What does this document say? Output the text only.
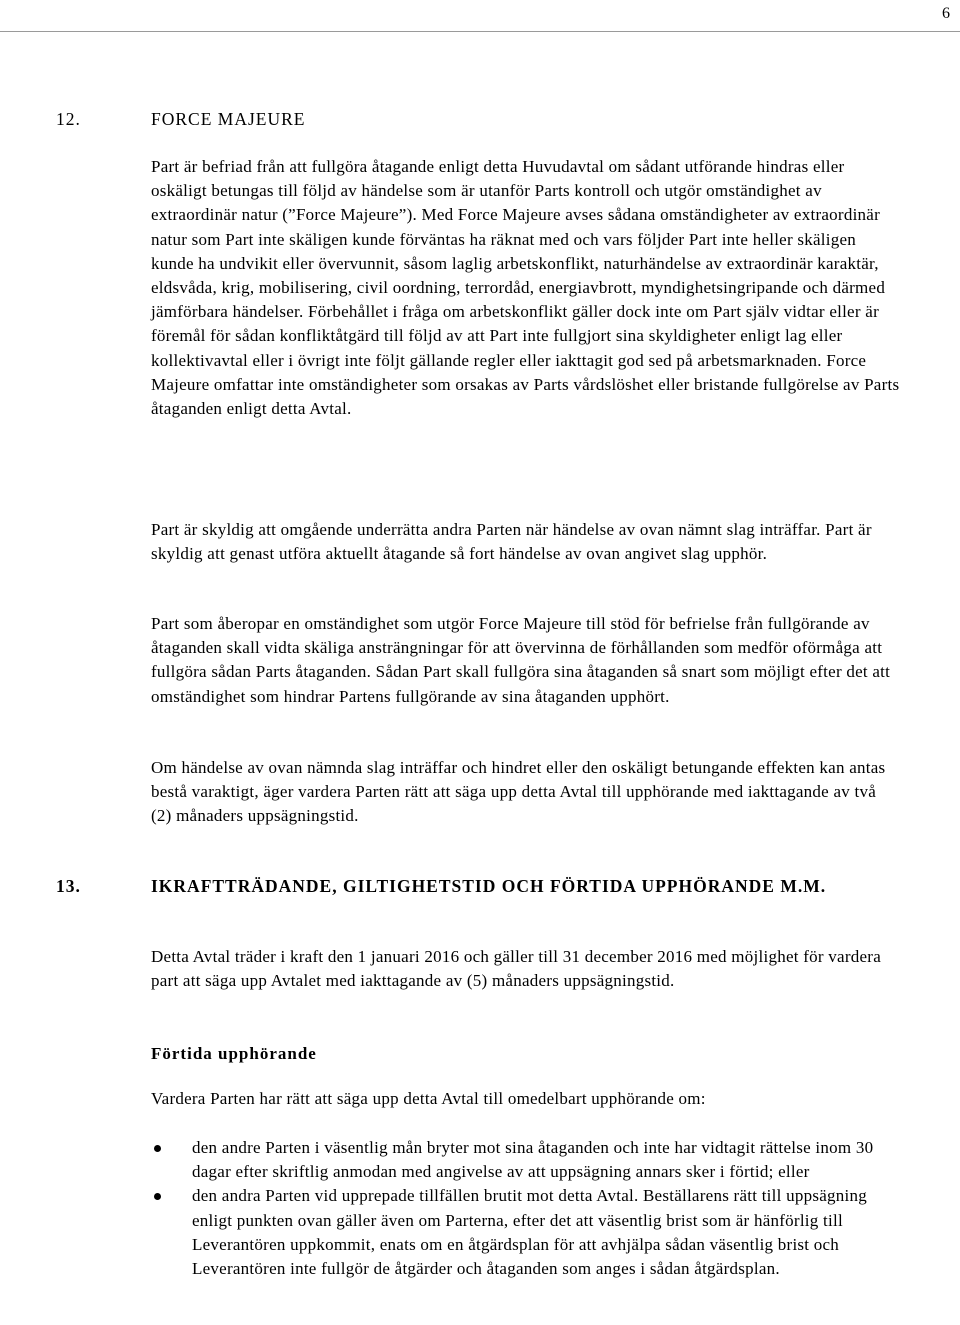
6
12.	FORCE MAJEURE

Part är befriad från att fullgöra åtagande enligt detta Huvudavtal om sådant utförande hindras eller oskäligt betungas till följd av händelse som är utanför Parts kontroll och utgör omständighet av extraordinär natur (”Force Majeure”). Med Force Majeure avses sådana omständigheter av extraordinär natur som Part inte skäligen kunde förväntas ha räknat med och vars följder Part inte heller skäligen kunde ha undvikit eller övervunnit, såsom laglig arbetskonflikt, naturhändelse av extraordinär karaktär, eldsvåda, krig, mobilisering, civil oordning, terrordåd, energiavbrott, myndighetsingripande och därmed jämförbara händelser. Förbehållet i fråga om arbetskonflikt gäller dock inte om Part själv vidtar eller är föremål för sådan konfliktåtgärd till följd av att Part inte fullgjort sina skyldigheter enligt lag eller kollektivavtal eller i övrigt inte följt gällande regler eller iakttagit god sed på arbetsmarknaden. Force Majeure omfattar inte omständigheter som orsakas av Parts vårdslöshet eller bristande fullgörelse av Parts åtaganden enligt detta Avtal.

Part är skyldig att omgående underrätta andra Parten när händelse av ovan nämnt slag inträffar. Part är skyldig att genast utföra aktuellt åtagande så fort händelse av ovan angivet slag upphör.

Part som åberopar en omständighet som utgör Force Majeure till stöd för befrielse från fullgörande av åtaganden skall vidta skäliga ansträngningar för att övervinna de förhållanden som medför oförmåga att fullgöra sådan Parts åtaganden. Sådan Part skall fullgöra sina åtaganden så snart som möjligt efter det att omständighet som hindrar Partens fullgörande av sina åtaganden upphört.

Om händelse av ovan nämnda slag inträffar och hindret eller den oskäligt betungande effekten kan antas bestå varaktigt, äger vardera Parten rätt att säga upp detta Avtal till upphörande med iakttagande av två (2) månaders uppsägningstid.

13.	IKRAFTTRÄDANDE, GILTIGHETSTID OCH FÖRTIDA UPPHÖRANDE M.M.

Detta Avtal träder i kraft den 1 januari 2016 och gäller till 31 december 2016 med möjlighet för vardera part att säga upp Avtalet med iakttagande av (5) månaders uppsägningstid.

Förtida upphörande

Vardera Parten har rätt att säga upp detta Avtal till omedelbart upphörande om:

den andre Parten i väsentlig mån bryter mot sina åtaganden och inte har vidtagit rättelse inom 30 dagar efter skriftlig anmodan med angivelse av att uppsägning annars sker i förtid; eller
den andra Parten vid upprepade tillfällen brutit mot detta Avtal. Beställarens rätt till uppsägning enligt punkten ovan gäller även om Parterna, efter det att väsentlig brist som är hänförlig till Leverantören uppkommit, enats om en åtgärdsplan för att avhjälpa sådan väsentlig brist och Leverantören inte fullgör de åtgärder och åtaganden som anges i sådan åtgärdsplan.
